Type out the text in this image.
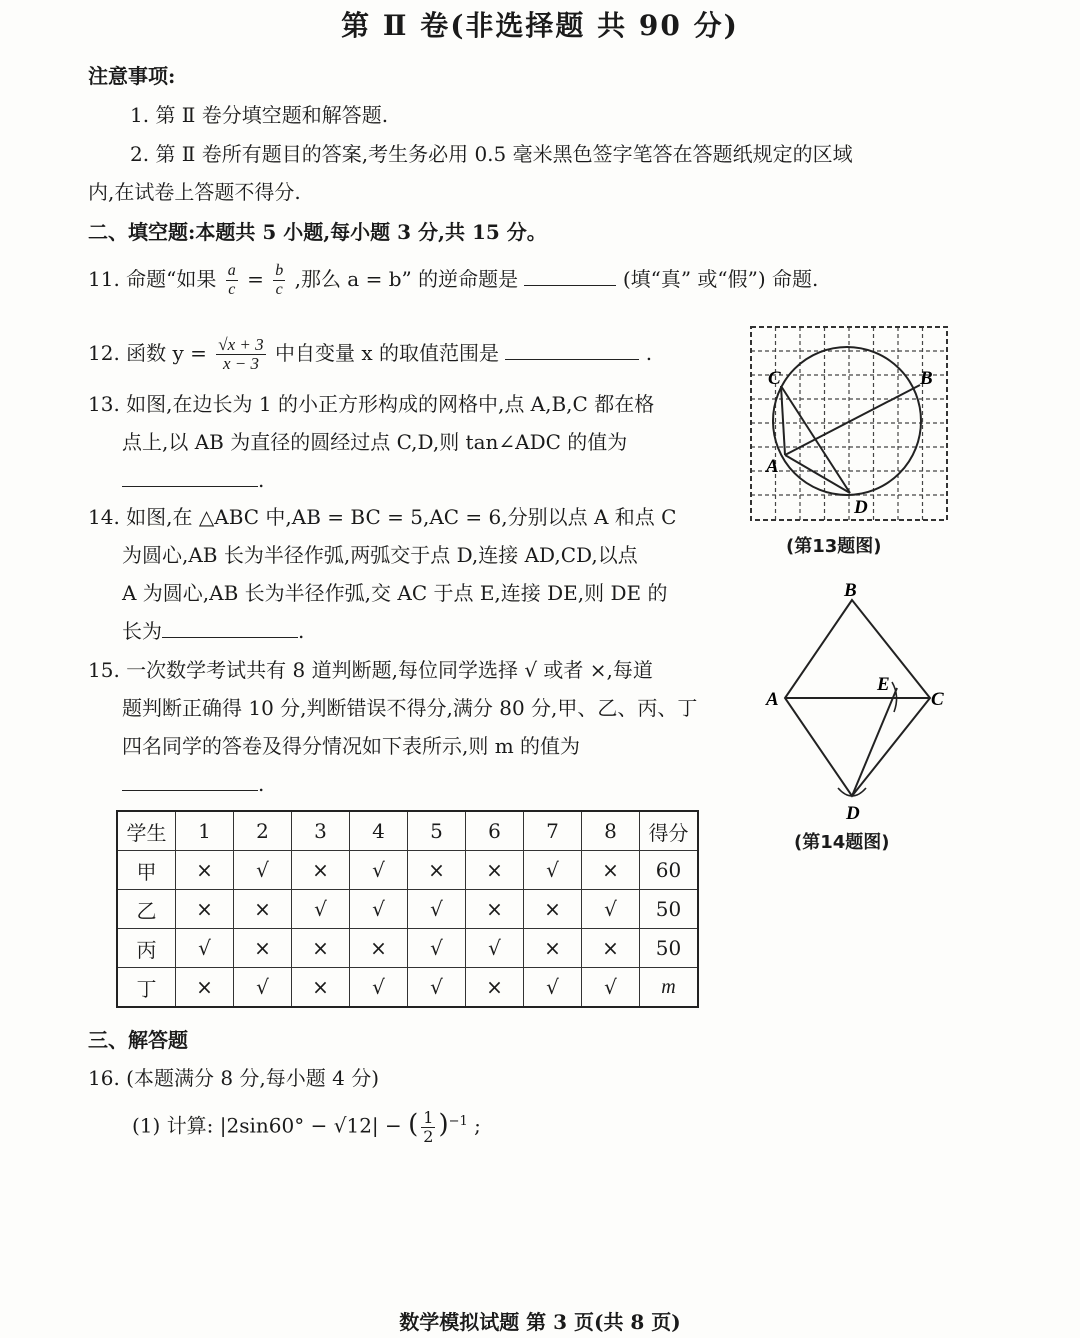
第 Ⅱ 卷(非选择题 共 90 分)
注意事项:
1. 第 Ⅱ 卷分填空题和解答题.
2. 第 Ⅱ 卷所有题目的答案,考生务必用 0.5 毫米黑色签字笔答在答题纸规定的区域
内,在试卷上答题不得分.
二、填空题:本题共 5 小题,每小题 3 分,共 15 分。
11. 命题“如果 $\frac{a}{c} = \frac{b}{c}$ ,那么 a = b” 的逆命题是	(填“真” 或“假”) 命题.
12. 函数 $y = \frac{√x + 3}{x - 3}$ 中自变量 x 的取值范围是	.
13. 如图,在边长为 1 的小正方形构成的网格中,点 A,B,C 都在格
点上,以 AB 为直径的圆经过点 C,D,则 tan∠ADC 的值为
.
14. 如图,在 △ABC 中,AB = BC = 5,AC = 6,分别以点 A 和点 C
为圆心,AB 长为半径作弧,两弧交于点 D,连接 AD,CD,以点
A 为圆心,AB 长为半径作弧,交 AC 于点 E,连接 DE,则 DE 的
长为	.
15. 一次数学考试共有 8 道判断题,每位同学选择 √ 或者 ×,每道
题判断正确得 10 分,判断错误不得分,满分 80 分,甲、乙、丙、丁
四名同学的答卷及得分情况如下表所示,则 m 的值为
.
学生	1	2	3	4	5	6	7	8	得分
甲	×	√	×	√	×	×	√	×	60
乙	×	×	√	√	√	×	×	√	50
丙	√	×	×	×	√	√	×	×	50
丁	×	√	×	√	√	×	√	√	m
三、解答题
16. (本题满分 8 分,每小题 4 分)
(1) 计算: |2sin60° − √12| − ( $\frac{1}{2} )^{-1}$ ;
C	B
A
D
(第13题图)
B
A	C
E
D
(第14题图)
数学模拟试题 第 3 页(共 8 页)
